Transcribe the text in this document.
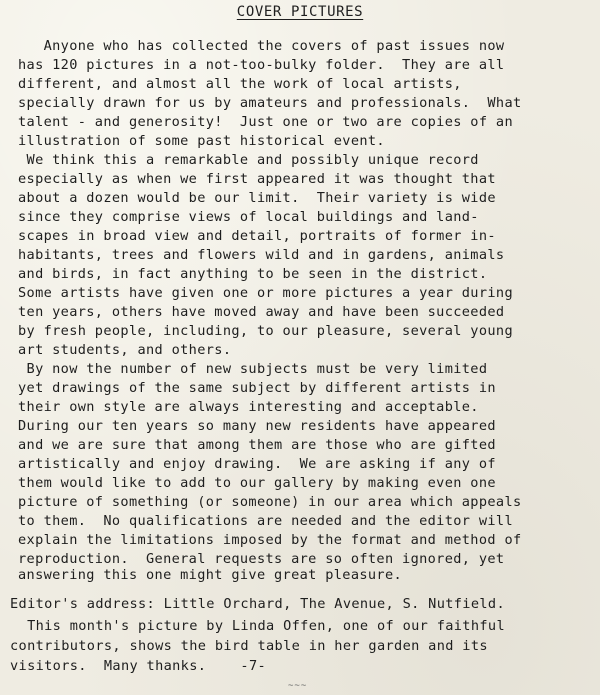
COVER PICTURES
Anyone who has collected the covers of past issues now
has 120 pictures in a not-too-bulky folder.  They are all
different, and almost all the work of local artists,
specially drawn for us by amateurs and professionals.  What
talent - and generosity!  Just one or two are copies of an
illustration of some past historical event.
We think this a remarkable and possibly unique record
especially as when we first appeared it was thought that
about a dozen would be our limit.  Their variety is wide
since they comprise views of local buildings and land-
scapes in broad view and detail, portraits of former in-
habitants, trees and flowers wild and in gardens, animals
and birds, in fact anything to be seen in the district.
Some artists have given one or more pictures a year during
ten years, others have moved away and have been succeeded
by fresh people, including, to our pleasure, several young
art students, and others.
By now the number of new subjects must be very limited
yet drawings of the same subject by different artists in
their own style are always interesting and acceptable.
During our ten years so many new residents have appeared
and we are sure that among them are those who are gifted
artistically and enjoy drawing.  We are asking if any of
them would like to add to our gallery by making even one
picture of something (or someone) in our area which appeals
to them.  No qualifications are needed and the editor will
explain the limitations imposed by the format and method of
reproduction.  General requests are so often ignored, yet
answering this one might give great pleasure.
Editor's address: Little Orchard, The Avenue, S. Nutfield.
This month's picture by Linda Offen, one of our faithful
contributors, shows the bird table in her garden and its
visitors.  Many thanks.    -7-
~~~
